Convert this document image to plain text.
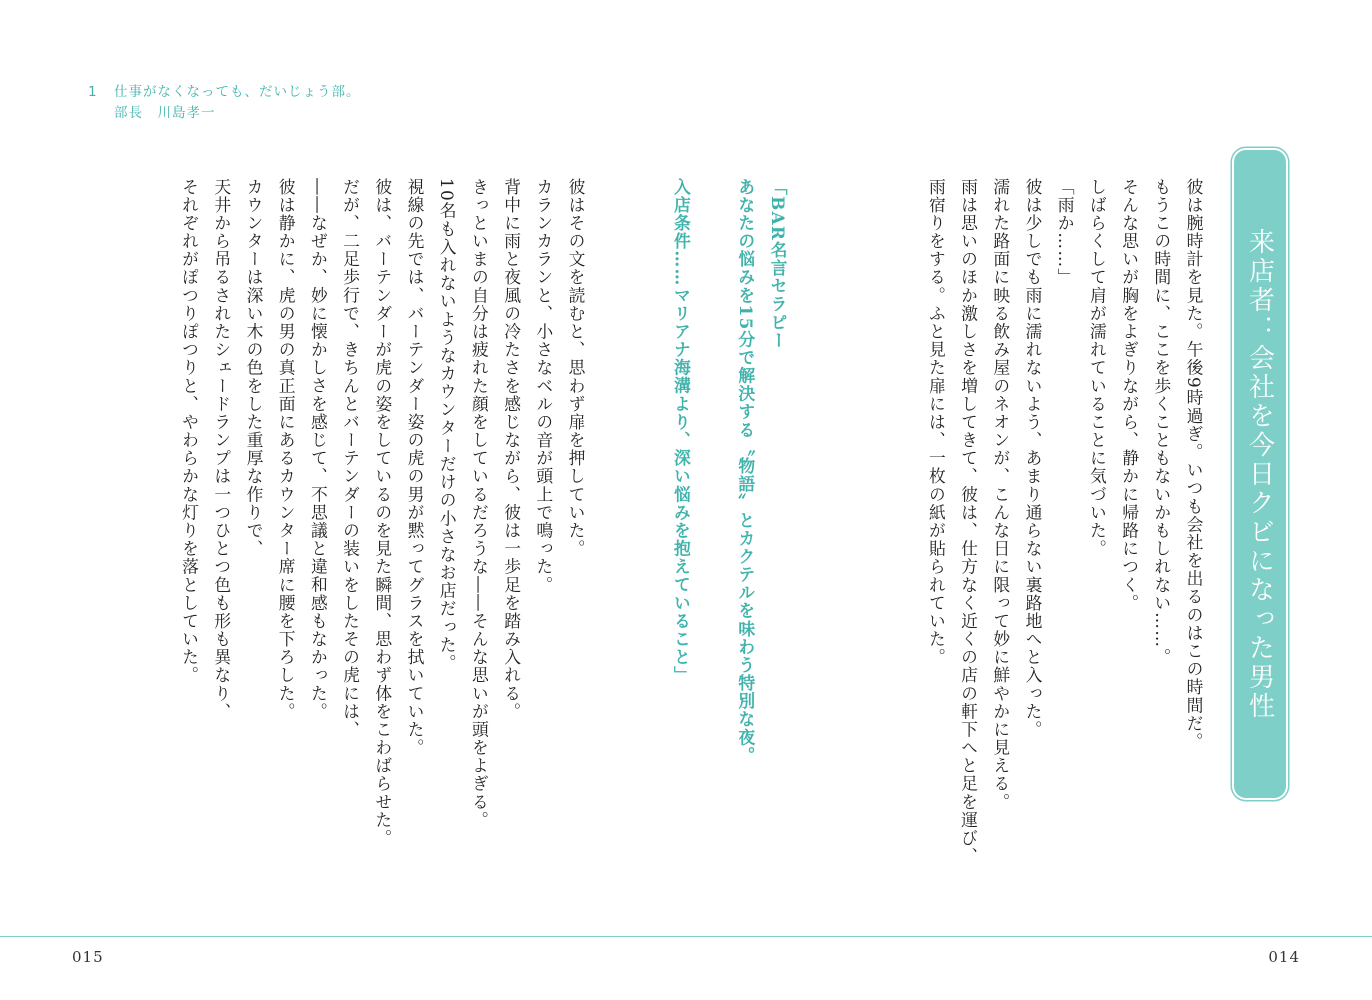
1 仕事がなくなっても、だいじょう部。
部長　川島孝一
来店者：会社を今日クビになった男性
彼は腕時計を見た。午後9時過ぎ。いつも会社を出るのはこの時間だ。
もうこの時間に、ここを歩くこともないかもしれない……。
そんな思いが胸をよぎりながら、静かに帰路につく。
しばらくして肩が濡れていることに気づいた。
「雨か……」
彼は少しでも雨に濡れないよう、あまり通らない裏路地へと入った。
濡れた路面に映る飲み屋のネオンが、こんな日に限って妙に鮮やかに見える。
雨は思いのほか激しさを増してきて、彼は、仕方なく近くの店の軒下へと足を運び、
雨宿りをする。ふと見た扉には、一枚の紙が貼られていた。
「BAR名言セラピー
あなたの悩みを15分で解決する〝物語〟とカクテルを味わう特別な夜。

入店条件……マリアナ海溝より、深い悩みを抱えていること」
彼はその文を読むと、思わず扉を押していた。
カランカランと、小さなベルの音が頭上で鳴った。
背中に雨と夜風の冷たさを感じながら、彼は一歩足を踏み入れる。
きっといまの自分は疲れた顔をしているだろうな――そんな思いが頭をよぎる。
10名も入れないようなカウンターだけの小さなお店だった。
視線の先では、バーテンダー姿の虎の男が黙ってグラスを拭いていた。
彼は、バーテンダーが虎の姿をしているのを見た瞬間、思わず体をこわばらせた。
だが、二足歩行で、きちんとバーテンダーの装いをしたその虎には、
――なぜか、妙に懐かしさを感じて、不思議と違和感もなかった。
彼は静かに、虎の男の真正面にあるカウンター席に腰を下ろした。
カウンターは深い木の色をした重厚な作りで、
天井から吊るされたシェードランプは一つひとつ色も形も異なり、
それぞれがぽつりぽつりと、やわらかな灯りを落としていた。
015	014
